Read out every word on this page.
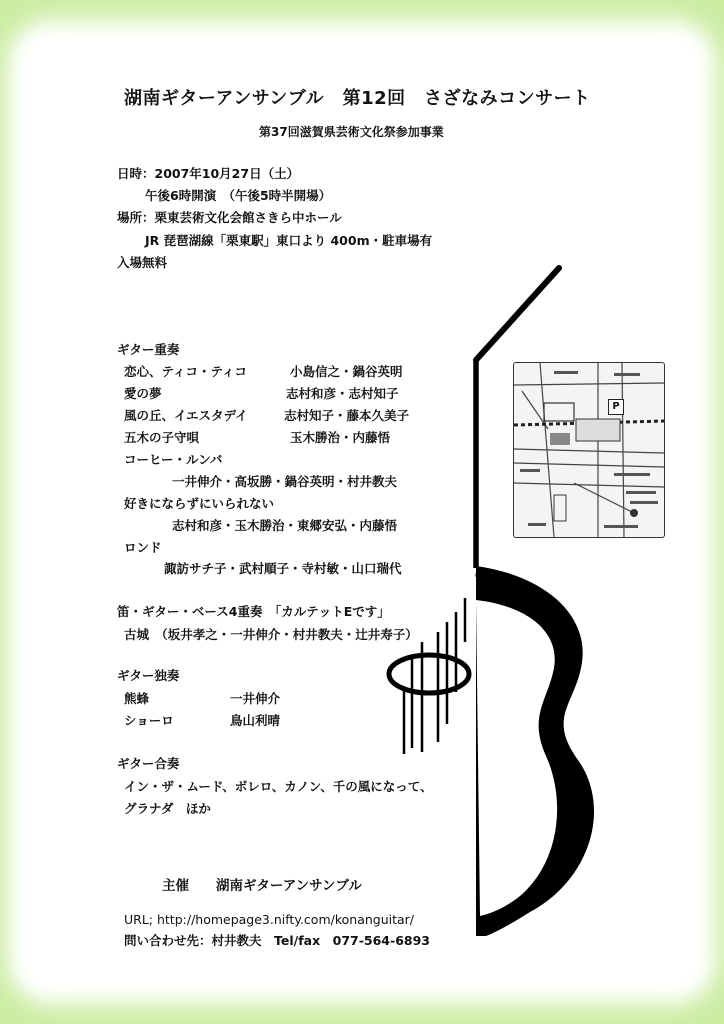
P
湖南ギターアンサンブル　第12回　さざなみコンサート
第37回滋賀県芸術文化祭参加事業
日時：2007年10月27日（土）
午後6時開演　（午後5時半開場）
場所：栗東芸術文化会館さきら中ホール
JR 琵琶湖線「栗東駅」東口より 400m・駐車場有
入場無料
ギター重奏
恋心、ティコ・ティコ	小島信之・鍋谷英明
愛の夢	志村和彦・志村知子
風の丘、イエスタデイ	志村知子・藤本久美子
五木の子守唄	玉木勝治・内藤悟
コーヒー・ルンバ
一井伸介・高坂勝・鍋谷英明・村井教夫
好きにならずにいられない
志村和彦・玉木勝治・東郷安弘・内藤悟
ロンド
諏訪サチ子・武村順子・寺村敏・山口瑞代
笛・ギター・ベース4重奏　「カルテットEです」
古城　（坂井孝之・一井伸介・村井教夫・辻井寿子）
ギター独奏
熊蜂	一井伸介
ショーロ	鳥山利晴
ギター合奏
イン・ザ・ムード、ボレロ、カノン、千の風になって、
グラナダ　ほか
主催　　湖南ギターアンサンブル
URL; http://homepage3.nifty.com/konanguitar/
問い合わせ先：村井教夫　Tel/fax　077-564-6893
